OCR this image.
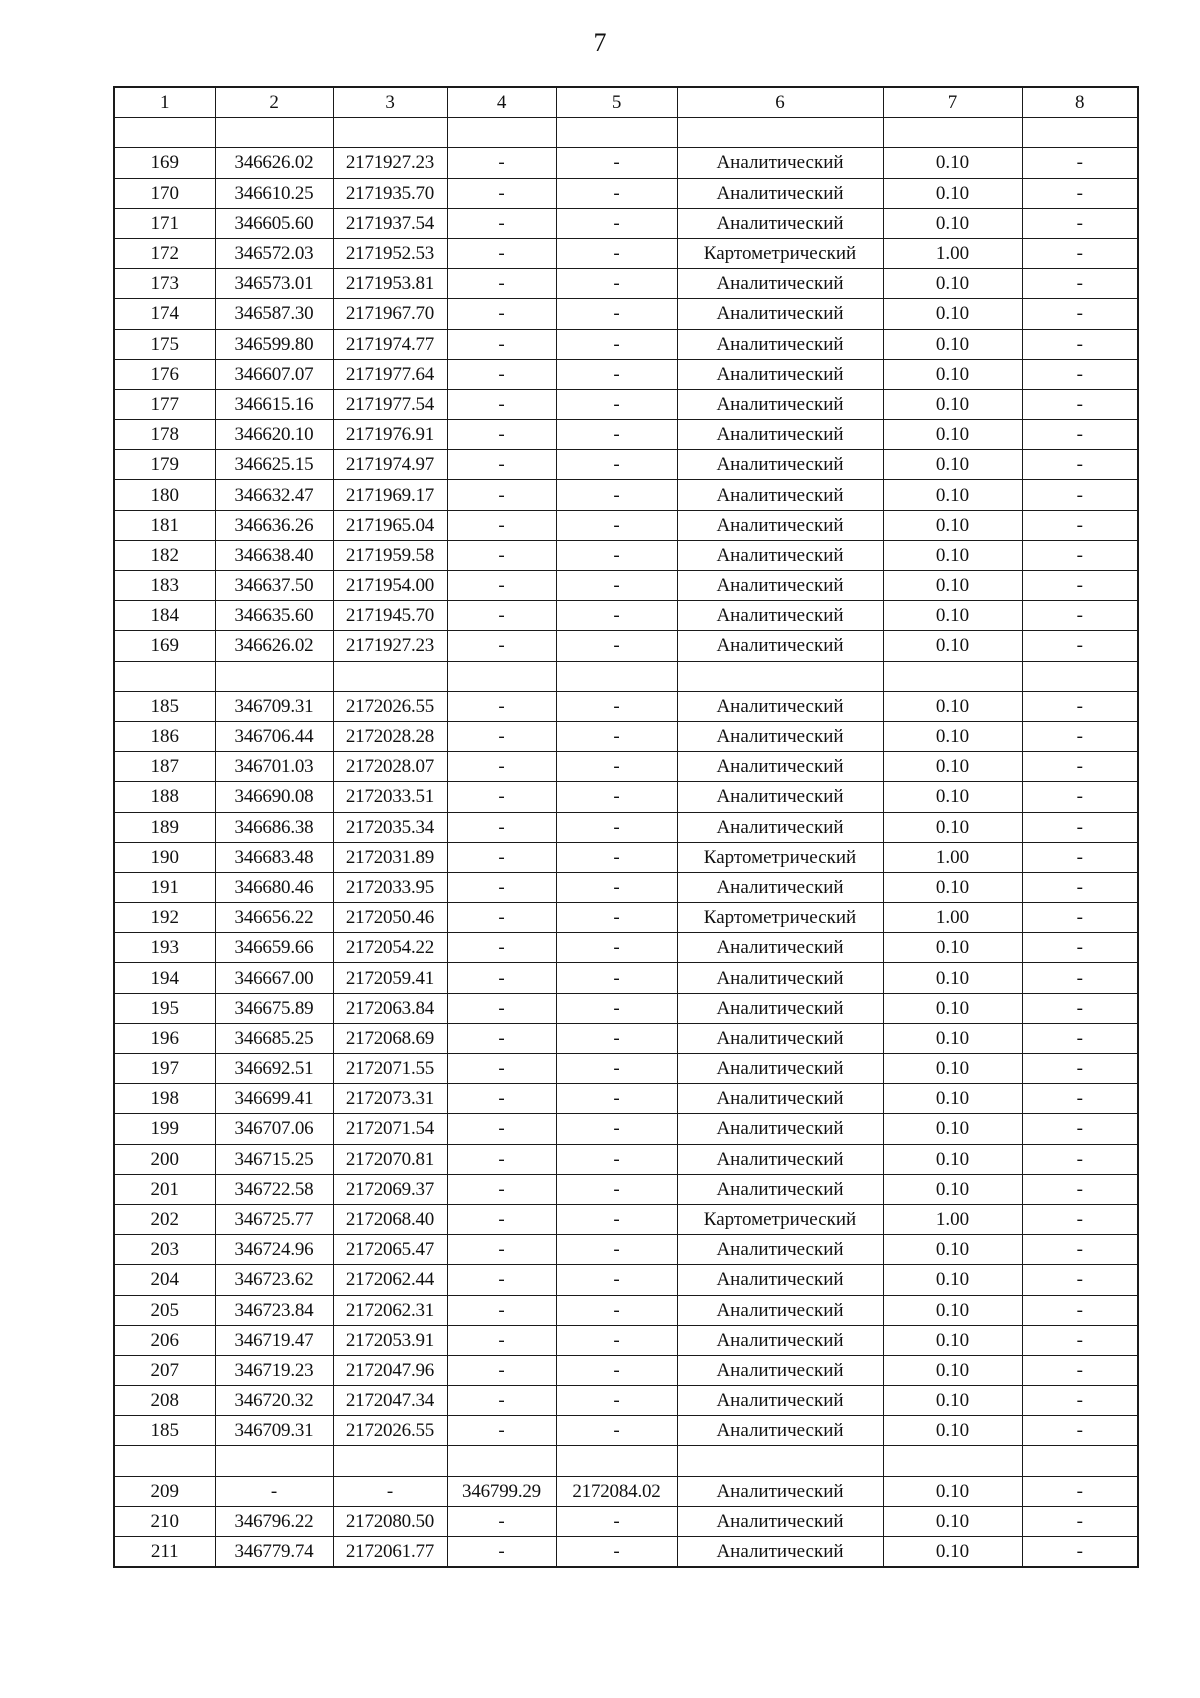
7
1	2	3	4	5	6	7	8

169	346626.02	2171927.23	-	-	Аналитический	0.10	-
170	346610.25	2171935.70	-	-	Аналитический	0.10	-
171	346605.60	2171937.54	-	-	Аналитический	0.10	-
172	346572.03	2171952.53	-	-	Картометрический	1.00	-
173	346573.01	2171953.81	-	-	Аналитический	0.10	-
174	346587.30	2171967.70	-	-	Аналитический	0.10	-
175	346599.80	2171974.77	-	-	Аналитический	0.10	-
176	346607.07	2171977.64	-	-	Аналитический	0.10	-
177	346615.16	2171977.54	-	-	Аналитический	0.10	-
178	346620.10	2171976.91	-	-	Аналитический	0.10	-
179	346625.15	2171974.97	-	-	Аналитический	0.10	-
180	346632.47	2171969.17	-	-	Аналитический	0.10	-
181	346636.26	2171965.04	-	-	Аналитический	0.10	-
182	346638.40	2171959.58	-	-	Аналитический	0.10	-
183	346637.50	2171954.00	-	-	Аналитический	0.10	-
184	346635.60	2171945.70	-	-	Аналитический	0.10	-
169	346626.02	2171927.23	-	-	Аналитический	0.10	-

185	346709.31	2172026.55	-	-	Аналитический	0.10	-
186	346706.44	2172028.28	-	-	Аналитический	0.10	-
187	346701.03	2172028.07	-	-	Аналитический	0.10	-
188	346690.08	2172033.51	-	-	Аналитический	0.10	-
189	346686.38	2172035.34	-	-	Аналитический	0.10	-
190	346683.48	2172031.89	-	-	Картометрический	1.00	-
191	346680.46	2172033.95	-	-	Аналитический	0.10	-
192	346656.22	2172050.46	-	-	Картометрический	1.00	-
193	346659.66	2172054.22	-	-	Аналитический	0.10	-
194	346667.00	2172059.41	-	-	Аналитический	0.10	-
195	346675.89	2172063.84	-	-	Аналитический	0.10	-
196	346685.25	2172068.69	-	-	Аналитический	0.10	-
197	346692.51	2172071.55	-	-	Аналитический	0.10	-
198	346699.41	2172073.31	-	-	Аналитический	0.10	-
199	346707.06	2172071.54	-	-	Аналитический	0.10	-
200	346715.25	2172070.81	-	-	Аналитический	0.10	-
201	346722.58	2172069.37	-	-	Аналитический	0.10	-
202	346725.77	2172068.40	-	-	Картометрический	1.00	-
203	346724.96	2172065.47	-	-	Аналитический	0.10	-
204	346723.62	2172062.44	-	-	Аналитический	0.10	-
205	346723.84	2172062.31	-	-	Аналитический	0.10	-
206	346719.47	2172053.91	-	-	Аналитический	0.10	-
207	346719.23	2172047.96	-	-	Аналитический	0.10	-
208	346720.32	2172047.34	-	-	Аналитический	0.10	-
185	346709.31	2172026.55	-	-	Аналитический	0.10	-

209	-	-	346799.29	2172084.02	Аналитический	0.10	-
210	346796.22	2172080.50	-	-	Аналитический	0.10	-
211	346779.74	2172061.77	-	-	Аналитический	0.10	-
